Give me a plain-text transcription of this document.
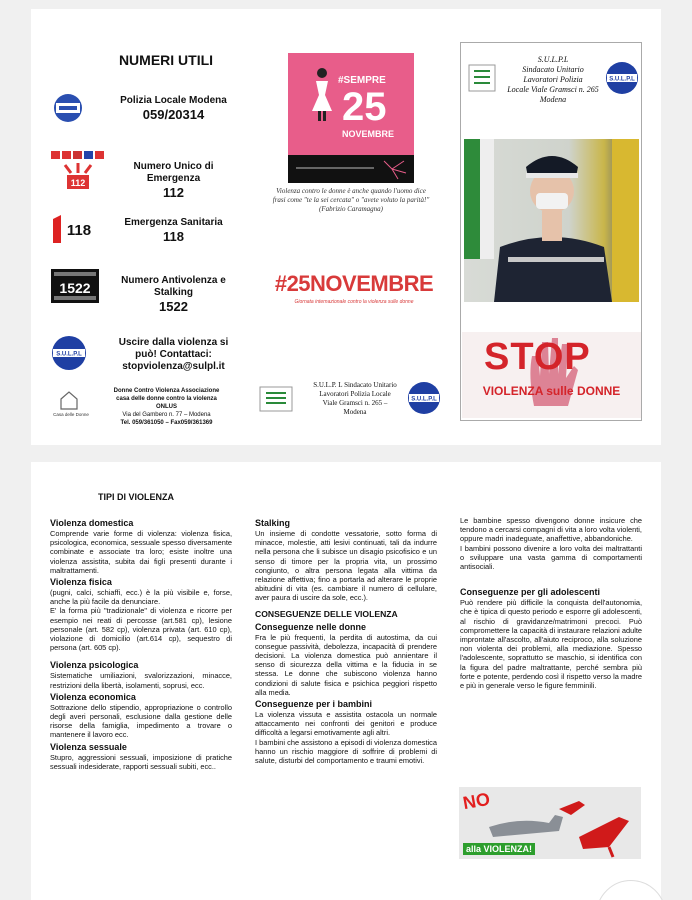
NUMERI UTILI
Polizia Locale Modena
059/20314
112
Numero Unico di Emergenza
112
118	Emergenza Sanitaria
118
1522	Numero Antivolenza e Stalking
1522
S.U.L.P.L
Uscire dalla violenza si
può! Contattaci:
stopviolenza@sulpl.it
Casa delle Donne
Donne Contro Violenza Associazione
casa delle donne contro la violenza
ONLUS
Via del Gambero n. 77 – Modena
Tel. 059/361050 – Fax059/361369
#SEMPRE
25
NOVEMBRE
Violenza contro le donne è anche quando l'uomo dice frasi come "te la sei cercata" o "avete voluto la parità!"
(Fabrizio Caramagna)
#25NOVEMBRE
Giornata internazionale contro la violenza sulle donne
S.U.L.P. L Sindacato Unitario
Lavoratori Polizia Locale
Viale Gramsci n. 265 –
Modena
S.U.L.P.L
S.U.L.P.L
Sindacato Unitario
Lavoratori Polizia
Locale Viale Gramsci n. 265
Modena
S.U.L.P.L
STOP
VIOLENZA sulle DONNE
TIPI DI VIOLENZA
Violenza domestica

Comprende varie forme di violenza: violenza fisica, psicologica, economica, sessuale spesso diversamente combinate e associate tra loro; esiste inoltre una violenza assistita, subita dai figli presenti durante i maltrattamenti.

Violenza fisica

(pugni, calci, schiaffi, ecc.) è la più visibile e, forse, anche la più facile da denunciare.

E' la forma più "tradizionale" di violenza e ricorre per esempio nei reati di percosse (art.581 cp), lesione personale (art. 582 cp), violenza privata (art. 610 cp), violazione di domicilio (art.614 cp), sequestro di persona (art. 605 cp).

Violenza psicologica

Sistematiche umiliazioni, svalorizzazioni, minacce, restrizioni della libertà, isolamenti, soprusi, ecc.

Violenza economica

Sottrazione dello stipendio, appropriazione o controllo degli averi personali, esclusione dalla gestione delle risorse della famiglia, impedimento a trovare o mantenere il lavoro ecc.

Violenza sessuale

Stupro, aggressioni sessuali, imposizione di pratiche sessuali indesiderate, rapporti sessuali subiti, ecc..

Stalking

Un insieme di condotte vessatorie, sotto forma di minacce, molestie, atti lesivi continuati, tali da indurre nella persona che li subisce un disagio psicofisico e un senso di timore per la propria vita, un prossimo congiunto, o altra persona legata alla vittima da relazione affettiva; fino a portarla ad alterare le proprie abitudini di vita (es. cambiare il numero di cellulare, aver paura di uscire da sole, ecc.).

CONSEGUENZE DELLE VIOLENZA
Conseguenze nelle donne

Fra le più frequenti, la perdita di autostima, da cui consegue passività, debolezza, incapacità di prendere decisioni. La violenza domestica può annientare il senso di sicurezza della vittima e la fiducia in se stessa. Le donne che subiscono violenza hanno condizioni di salute fisica e psichica peggiori rispetto alla media.

Conseguenze per i bambini

La violenza vissuta e assistita ostacola un normale attaccamento nei confronti dei genitori e produce difficoltà a legarsi emotivamente agli altri.

I bambini che assistono a episodi di violenza domestica hanno un rischio maggiore di soffrire di problemi di salute, disturbi del comportamento e traumi emotivi.

Le bambine spesso divengono donne insicure che tendono a cercarsi compagni di vita a loro volta violenti, oppure madri inadeguate, anaffettive, abbandoniche.

I bambini possono divenire a loro volta dei maltrattanti o sviluppare una vasta gamma di comportamenti antisociali.

Conseguenze per gli adolescenti

Può rendere più difficile la conquista dell'autonomia, che è tipica di questo periodo e esporre gli adolescenti, al rischio di gravidanze/matrimoni precoci. Può compromettere la capacità di instaurare relazioni adulte improntate all'ascolto, all'aiuto reciproco, alla soluzione non violenta dei problemi, alla mediazione. Spesso l'adolescente, soprattutto se maschio, si identifica con la figura del padre maltrattante, perché sembra più forte e potente, perdendo così il rispetto verso la madre e più in generale verso le figure femminili.

NO
alla VIOLENZA!
